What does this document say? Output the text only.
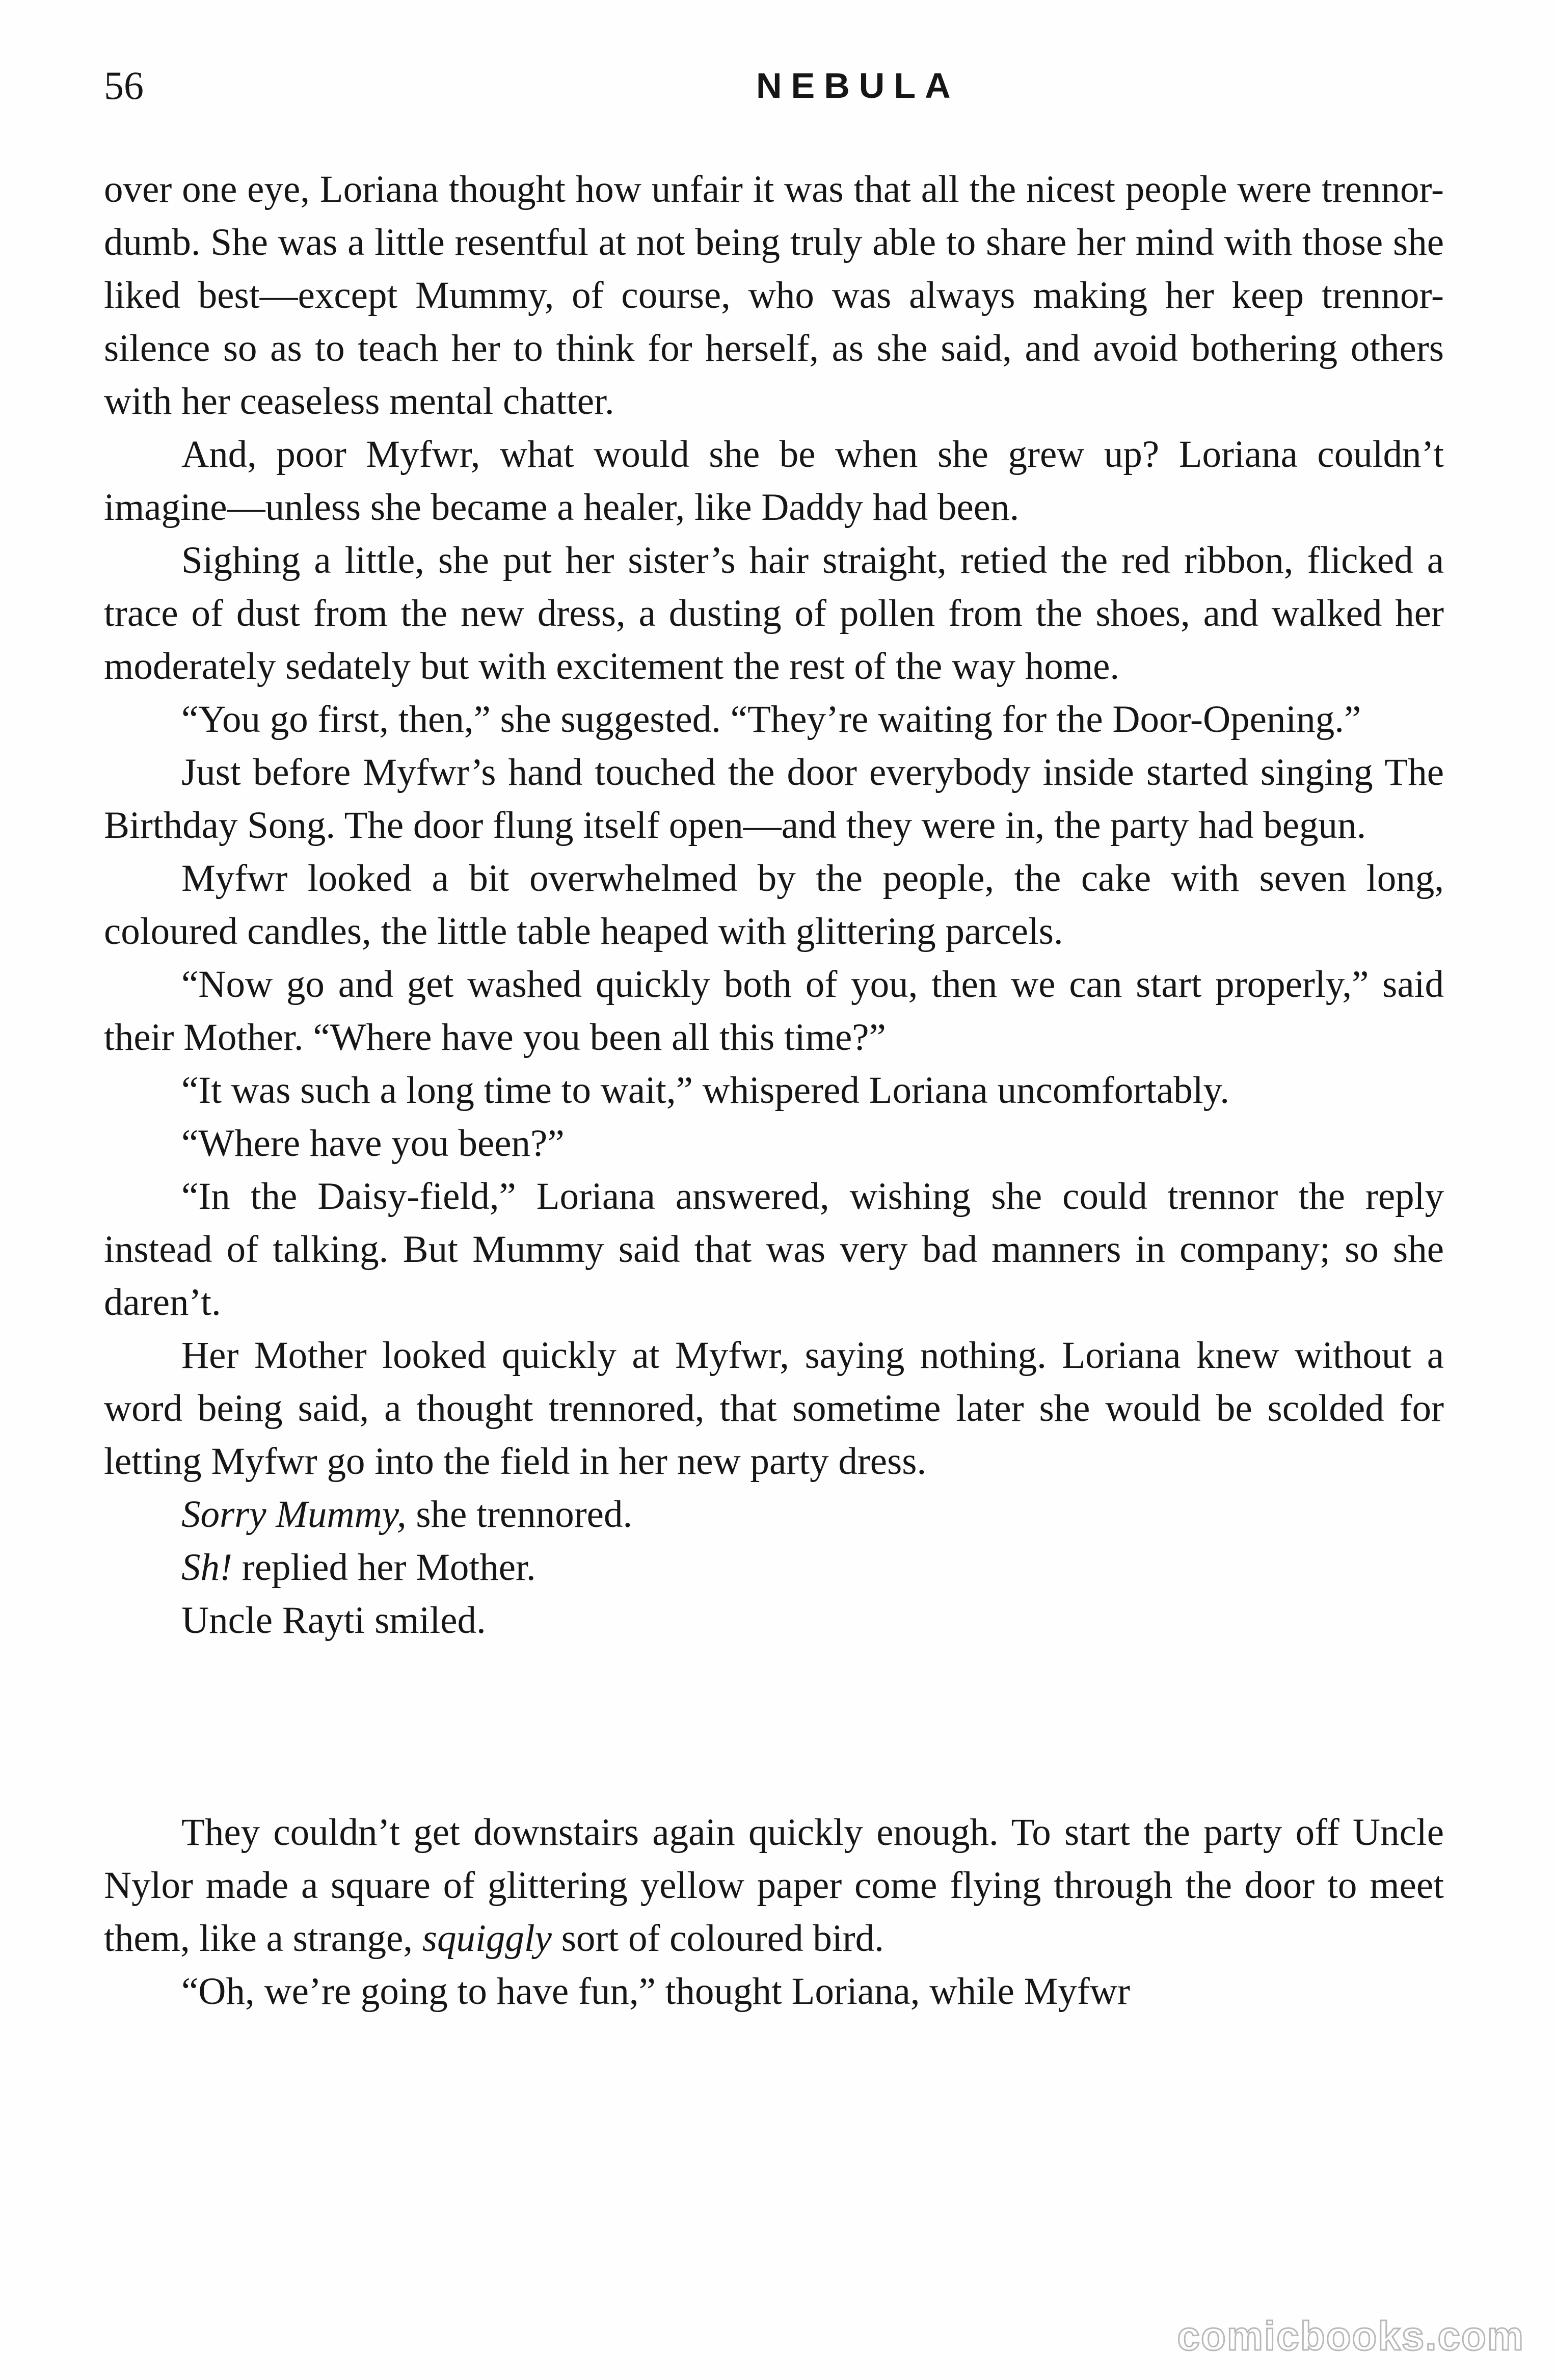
56	NEBULA

over one eye, Loriana thought how unfair it was that all the nicest people were trennor-dumb. She was a little resentful at not being truly able to share her mind with those she liked best—except Mummy, of course, who was always making her keep trennor-silence so as to teach her to think for herself, as she said, and avoid bothering others with her ceaseless mental chatter.

And, poor Myfwr, what would she be when she grew up? Loriana couldn’t imagine—unless she became a healer, like Daddy had been.

Sighing a little, she put her sister’s hair straight, retied the red ribbon, flicked a trace of dust from the new dress, a dusting of pollen from the shoes, and walked her moderately sedately but with excitement the rest of the way home.

“You go first, then,” she suggested. “They’re waiting for the Door-Opening.”

Just before Myfwr’s hand touched the door everybody inside started singing The Birthday Song. The door flung itself open—and they were in, the party had begun.

Myfwr looked a bit overwhelmed by the people, the cake with seven long, coloured candles, the little table heaped with glittering parcels.

“Now go and get washed quickly both of you, then we can start properly,” said their Mother. “Where have you been all this time?”

“It was such a long time to wait,” whispered Loriana uncomfortably.

“Where have you been?”

“In the Daisy-field,” Loriana answered, wishing she could trennor the reply instead of talking. But Mummy said that was very bad manners in company; so she daren’t.

Her Mother looked quickly at Myfwr, saying nothing. Loriana knew without a word being said, a thought trennored, that sometime later she would be scolded for letting Myfwr go into the field in her new party dress.

Sorry Mummy, she trennored.

Sh! replied her Mother.

Uncle Rayti smiled.

They couldn’t get downstairs again quickly enough. To start the party off Uncle Nylor made a square of glittering yellow paper come flying through the door to meet them, like a strange, squiggly sort of coloured bird.

“Oh, we’re going to have fun,” thought Loriana, while Myfwr

comicbooks.com
